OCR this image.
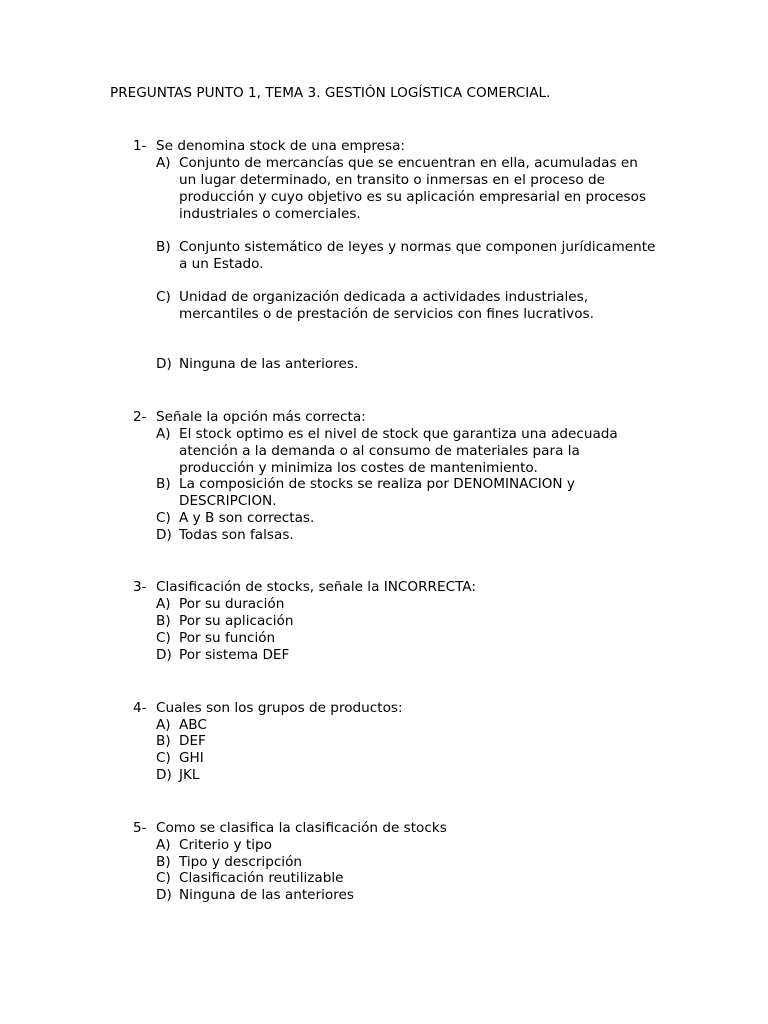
PREGUNTAS PUNTO 1, TEMA 3. GESTIÓN LOGÍSTICA COMERCIAL.
1- Se denomina stock de una empresa:
A) Conjunto de mercancías que se encuentran en ella, acumuladas en un lugar determinado, en transito o inmersas en el proceso de producción y cuyo objetivo es su aplicación empresarial en procesos industriales o comerciales.
B) Conjunto sistemático de leyes y normas que componen jurídicamente a un Estado.
C) Unidad de organización dedicada a actividades industriales, mercantiles o de prestación de servicios con fines lucrativos.
D) Ninguna de las anteriores.
2- Señale la opción más correcta:
A) El stock optimo es el nivel de stock que garantiza una adecuada atención a la demanda o al consumo de materiales para la producción y minimiza los costes de mantenimiento.
B) La composición de stocks se realiza por DENOMINACION y DESCRIPCION.
C) A y B son correctas.
D) Todas son falsas.
3- Clasificación de stocks, señale la INCORRECTA:
A) Por su duración
B) Por su aplicación
C) Por su función
D) Por sistema DEF
4- Cuales son los grupos de productos:
A) ABC
B) DEF
C) GHI
D) JKL
5- Como se clasifica la clasificación de stocks
A) Criterio y tipo
B) Tipo y descripción
C) Clasificación reutilizable
D) Ninguna de las anteriores
